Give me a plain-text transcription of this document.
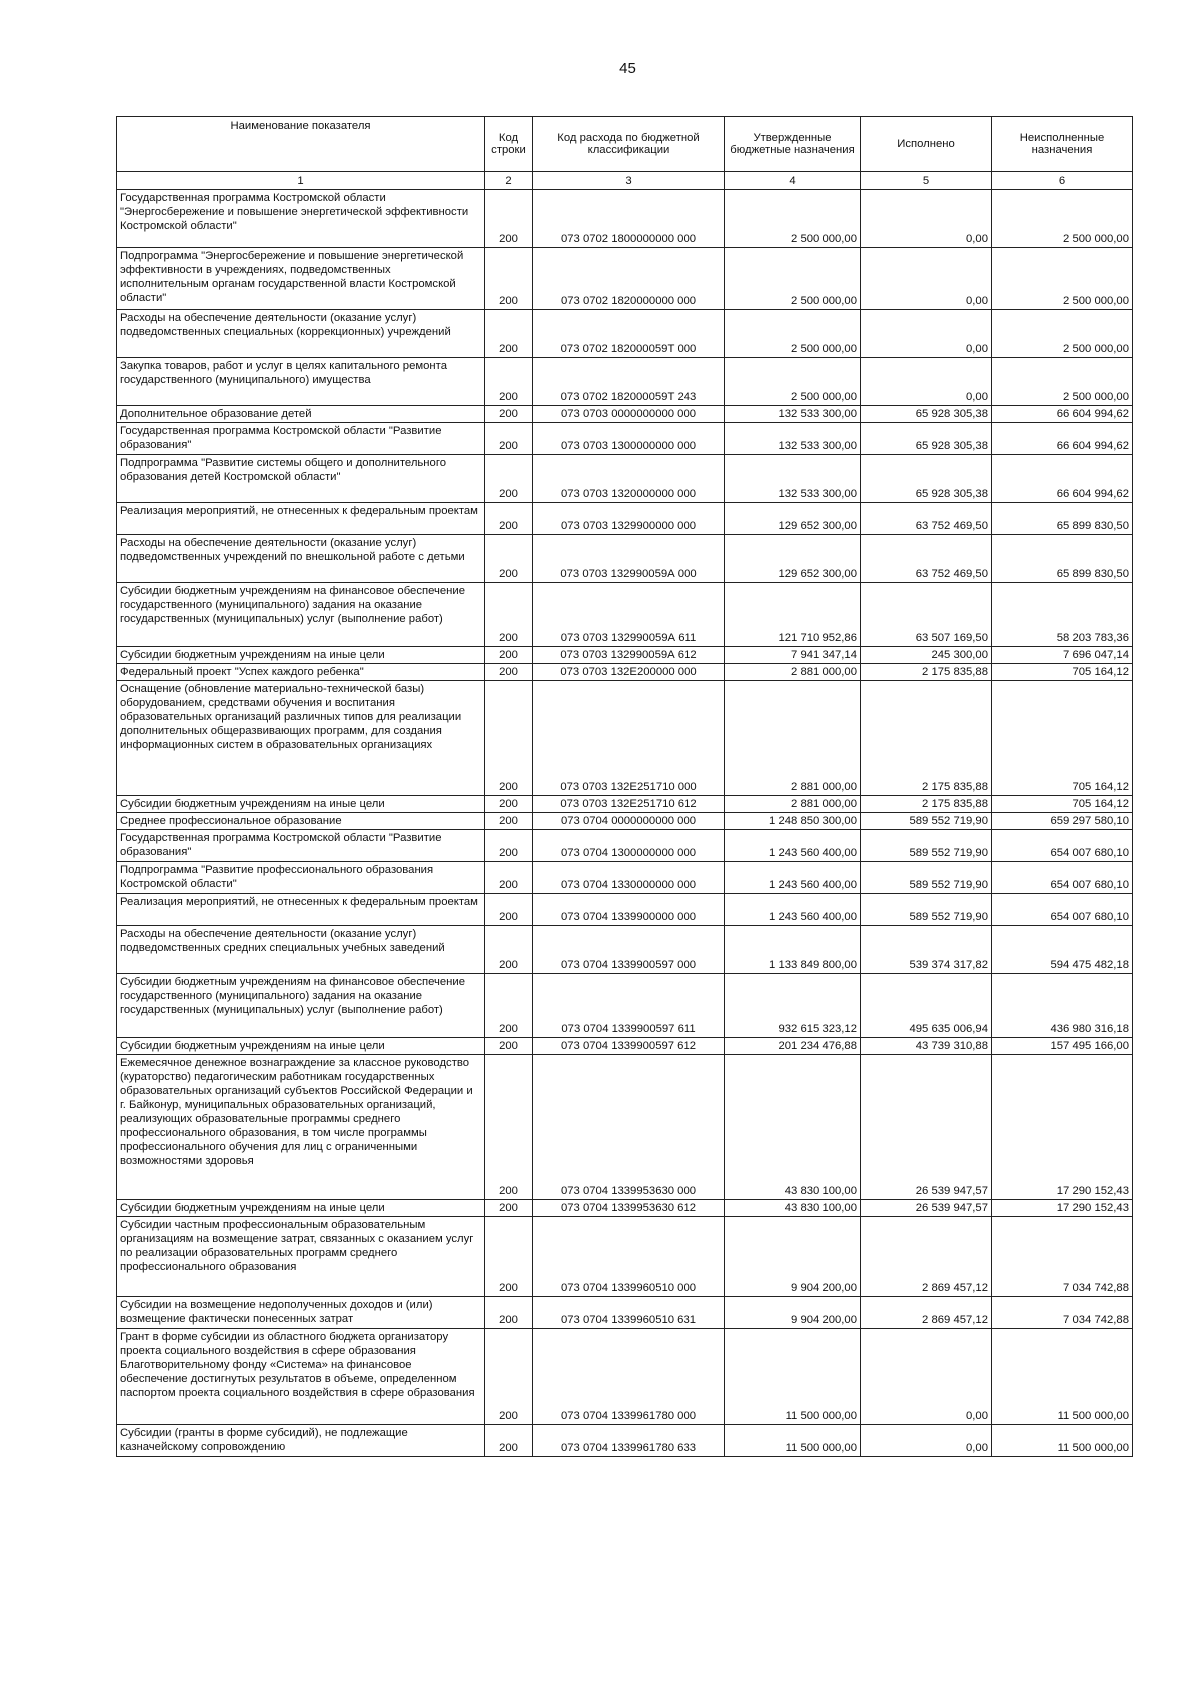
45
Наименование показателя	Код строки	Код расхода по бюджетной классификации	Утвержденные бюджетные назначения	Исполнено	Неисполненные назначения
1	2	3	4	5	6
Государственная программа Костромской области "Энергосбережение и повышение энергетической эффективности Костромской области"	200	073 0702 1800000000 000	2 500 000,00	0,00	2 500 000,00
Подпрограмма "Энергосбережение и повышение энергетической эффективности в учреждениях, подведомственных исполнительным органам государственной власти Костромской области"	200	073 0702 1820000000 000	2 500 000,00	0,00	2 500 000,00
Расходы на обеспечение деятельности (оказание услуг) подведомственных специальных (коррекционных) учреждений	200	073 0702 182000059Т 000	2 500 000,00	0,00	2 500 000,00
Закупка товаров, работ и услуг в целях капитального ремонта государственного (муниципального) имущества	200	073 0702 182000059Т 243	2 500 000,00	0,00	2 500 000,00
Дополнительное образование детей	200	073 0703 0000000000 000	132 533 300,00	65 928 305,38	66 604 994,62
Государственная программа Костромской области "Развитие образования"	200	073 0703 1300000000 000	132 533 300,00	65 928 305,38	66 604 994,62
Подпрограмма "Развитие системы общего и дополнительного образования детей Костромской области"	200	073 0703 1320000000 000	132 533 300,00	65 928 305,38	66 604 994,62
Реализация мероприятий, не отнесенных к федеральным проектам	200	073 0703 1329900000 000	129 652 300,00	63 752 469,50	65 899 830,50
Расходы на обеспечение деятельности (оказание услуг) подведомственных учреждений по внешкольной работе с детьми	200	073 0703 132990059А 000	129 652 300,00	63 752 469,50	65 899 830,50
Субсидии бюджетным учреждениям на финансовое обеспечение государственного (муниципального) задания на оказание государственных (муниципальных) услуг (выполнение работ)	200	073 0703 132990059А 611	121 710 952,86	63 507 169,50	58 203 783,36
Субсидии бюджетным учреждениям на иные цели	200	073 0703 132990059А 612	7 941 347,14	245 300,00	7 696 047,14
Федеральный проект "Успех каждого ребенка"	200	073 0703 132Е200000 000	2 881 000,00	2 175 835,88	705 164,12
Оснащение (обновление материально-технической базы) оборудованием, средствами обучения и воспитания образовательных организаций различных типов для реализации дополнительных общеразвивающих программ, для создания информационных систем в образовательных организациях	200	073 0703 132Е251710 000	2 881 000,00	2 175 835,88	705 164,12
Субсидии бюджетным учреждениям на иные цели	200	073 0703 132Е251710 612	2 881 000,00	2 175 835,88	705 164,12
Среднее профессиональное образование	200	073 0704 0000000000 000	1 248 850 300,00	589 552 719,90	659 297 580,10
Государственная программа Костромской области "Развитие образования"	200	073 0704 1300000000 000	1 243 560 400,00	589 552 719,90	654 007 680,10
Подпрограмма "Развитие профессионального образования Костромской области"	200	073 0704 1330000000 000	1 243 560 400,00	589 552 719,90	654 007 680,10
Реализация мероприятий, не отнесенных к федеральным проектам	200	073 0704 1339900000 000	1 243 560 400,00	589 552 719,90	654 007 680,10
Расходы на обеспечение деятельности (оказание услуг) подведомственных средних специальных учебных заведений	200	073 0704 1339900597 000	1 133 849 800,00	539 374 317,82	594 475 482,18
Субсидии бюджетным учреждениям на финансовое обеспечение государственного (муниципального) задания на оказание государственных (муниципальных) услуг (выполнение работ)	200	073 0704 1339900597 611	932 615 323,12	495 635 006,94	436 980 316,18
Субсидии бюджетным учреждениям на иные цели	200	073 0704 1339900597 612	201 234 476,88	43 739 310,88	157 495 166,00
Ежемесячное денежное вознаграждение за классное руководство (кураторство) педагогическим работникам государственных образовательных организаций субъектов Российской Федерации и г. Байконур, муниципальных образовательных организаций, реализующих образовательные программы среднего профессионального образования, в том числе программы профессионального обучения для лиц с ограниченными возможностями здоровья	200	073 0704 1339953630 000	43 830 100,00	26 539 947,57	17 290 152,43
Субсидии бюджетным учреждениям на иные цели	200	073 0704 1339953630 612	43 830 100,00	26 539 947,57	17 290 152,43
Субсидии частным профессиональным образовательным организациям на возмещение затрат, связанных с оказанием услуг по реализации образовательных программ среднего профессионального образования	200	073 0704 1339960510 000	9 904 200,00	2 869 457,12	7 034 742,88
Субсидии на возмещение недополученных доходов и (или) возмещение фактически понесенных затрат	200	073 0704 1339960510 631	9 904 200,00	2 869 457,12	7 034 742,88
Грант в форме субсидии из областного бюджета организатору проекта социального воздействия в сфере образования Благотворительному фонду «Система» на финансовое обеспечение достигнутых результатов в объеме, определенном паспортом проекта социального воздействия в сфере образования	200	073 0704 1339961780 000	11 500 000,00	0,00	11 500 000,00
Субсидии (гранты в форме субсидий), не подлежащие казначейскому сопровождению	200	073 0704 1339961780 633	11 500 000,00	0,00	11 500 000,00
